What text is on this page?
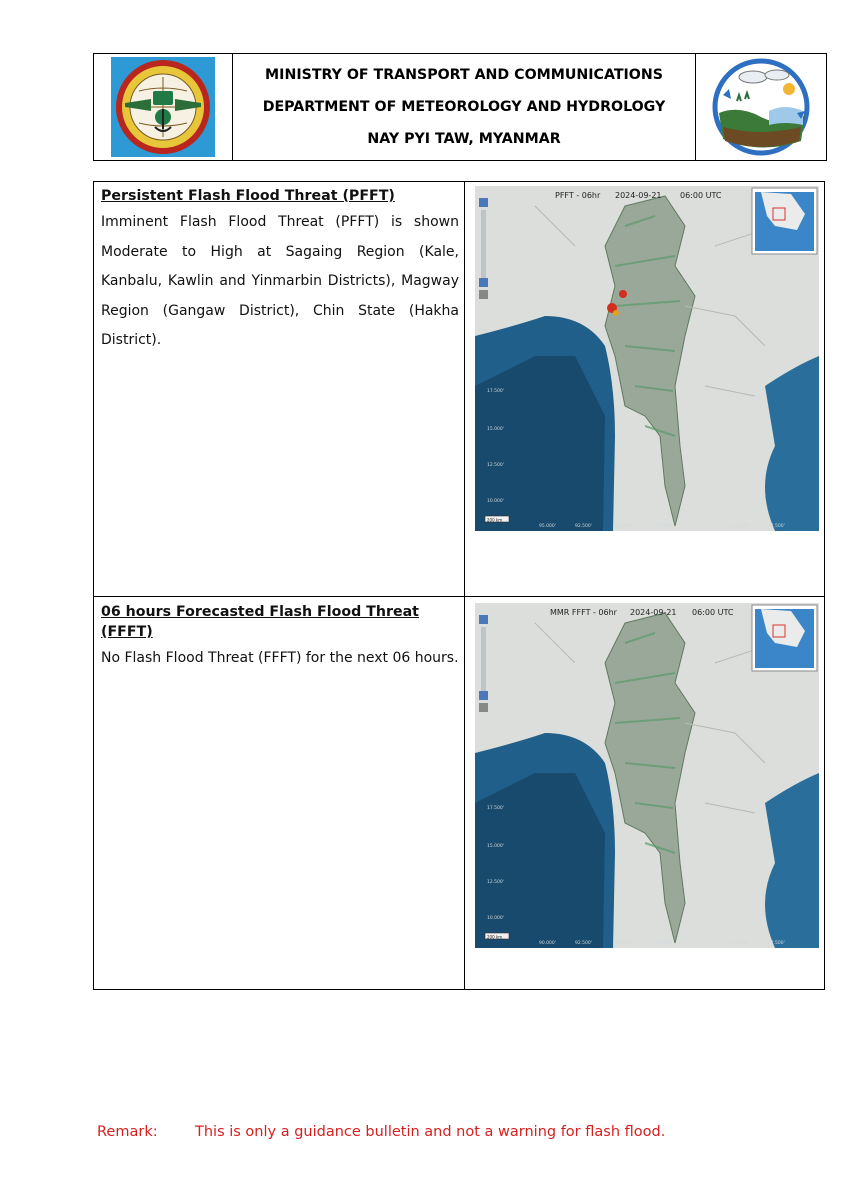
MINISTRY OF TRANSPORT AND COMMUNICATIONS
DEPARTMENT OF METEOROLOGY AND HYDROLOGY
NAY PYI TAW, MYANMAR
Persistent Flash Flood Threat (PFFT)
Imminent Flash Flood Threat (PFFT) is shown Moderate to High at Sagaing Region (Kale, Kanbalu, Kawlin and Yinmarbin Districts), Magway Region (Gangaw District), Chin State (Hakha District).
200 km
PFFT - 06hr 2024-09-21 06:00 UTC
17.500'
15.000'
12.500'
10.000'
95.000'	92.500'	95.000'	97.500'	101.200'	102.500'
06 hours Forecasted Flash Flood Threat (FFFT)
No Flash Flood Threat (FFFT) for the next 06 hours.
200 km
MMR FFFT - 06hr 2024-09-21 06:00 UTC
17.500'
15.000'
12.500'
10.000'
90.000'	92.500'	95.000'	97.500'	101.200'	102.500'
Remark:	This is only a guidance bulletin and not a warning for flash flood.
